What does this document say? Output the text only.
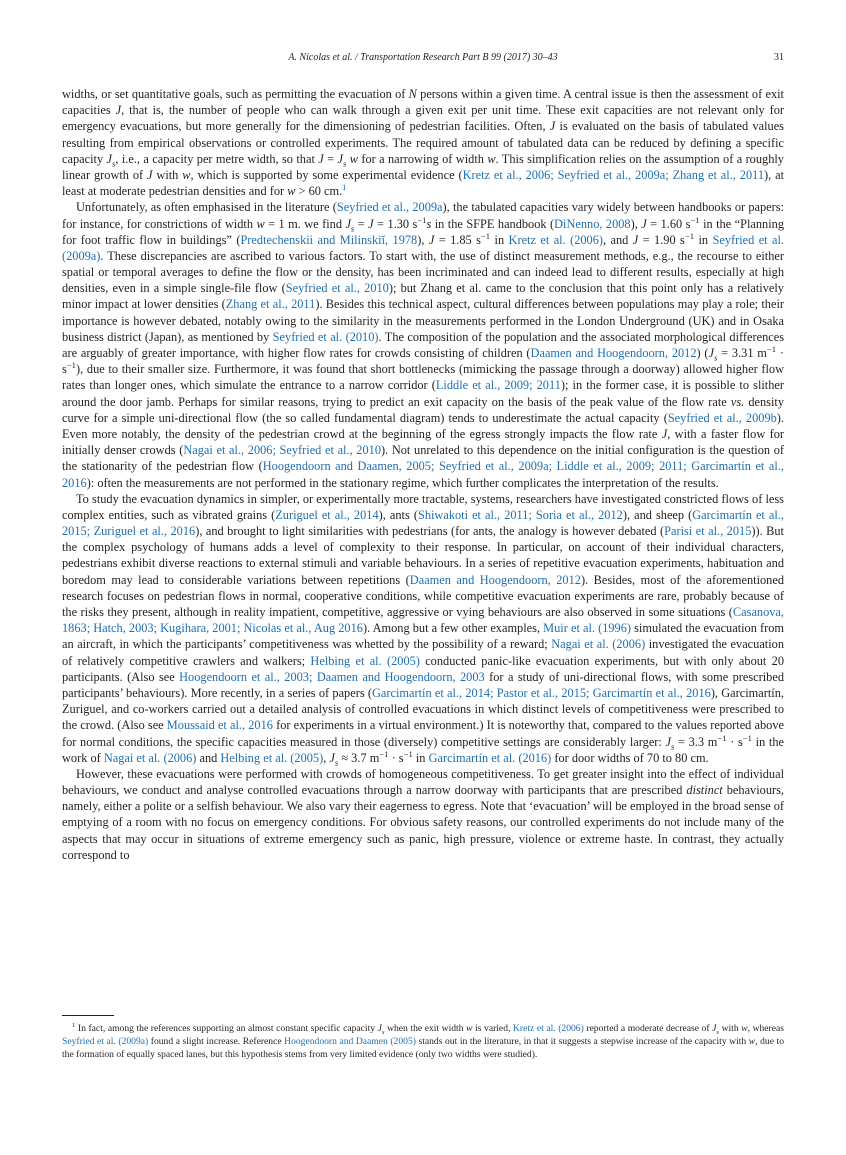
A. Nicolas et al. / Transportation Research Part B 99 (2017) 30–43	31

widths, or set quantitative goals, such as permitting the evacuation of N persons within a given time. A central issue is then the assessment of exit capacities J, that is, the number of people who can walk through a given exit per unit time. These exit capacities are not relevant only for emergency evacuations, but more generally for the dimensioning of pedestrian facilities. Often, J is evaluated on the basis of tabulated values resulting from empirical observations or controlled experiments. The required amount of tabulated data can be reduced by defining a specific capacity $J_s$, i.e., a capacity per metre width, so that $J = J_s$ w for a narrowing of width w. This simplification relies on the assumption of a roughly linear growth of J with w, which is supported by some experimental evidence (Kretz et al., 2006; Seyfried et al., 2009a; Zhang et al., 2011), at least at moderate pedestrian densities and for w > 60 cm.$^1$

Unfortunately, as often emphasised in the literature (Seyfried et al., 2009a), the tabulated capacities vary widely between handbooks or papers: for instance, for constrictions of width w = 1 m. we find $J_s = J = 1.30$ $s^{-1}s$ in the SFPE handbook (DiNenno, 2008), J = 1.60 $s^{-1}$ in the “Planning for foot traffic flow in buildings” (Predtechenskii and Milinskiĭ, 1978), J = 1.85 $s^{-1}$ in Kretz et al. (2006), and J = 1.90 $s^{-1}$ in Seyfried et al. (2009a). These discrepancies are ascribed to various factors. To start with, the use of distinct measurement methods, e.g., the recourse to either spatial or temporal averages to define the flow or the density, has been incriminated and can indeed lead to different results, especially at high densities, even in a simple single-file flow (Seyfried et al., 2010); but Zhang et al. came to the conclusion that this point only has a relatively minor impact at lower densities (Zhang et al., 2011). Besides this technical aspect, cultural differences between populations may play a role; their importance is however debated, notably owing to the similarity in the measurements performed in the London Underground (UK) and in Osaka business district (Japan), as mentioned by Seyfried et al. (2010). The composition of the population and the associated morphological differences are arguably of greater importance, with higher flow rates for crowds consisting of children (Daamen and Hoogendoorn, 2012) ($J_s = 3.31$ $m^{-1} \cdot s^{-1}$), due to their smaller size. Furthermore, it was found that short bottlenecks (mimicking the passage through a doorway) allowed higher flow rates than longer ones, which simulate the entrance to a narrow corridor (Liddle et al., 2009; 2011); in the former case, it is possible to slither around the door jamb. Perhaps for similar reasons, trying to predict an exit capacity on the basis of the peak value of the flow rate vs. density curve for a simple uni-directional flow (the so called fundamental diagram) tends to underestimate the actual capacity (Seyfried et al., 2009b). Even more notably, the density of the pedestrian crowd at the beginning of the egress strongly impacts the flow rate J, with a faster flow for initially denser crowds (Nagai et al., 2006; Seyfried et al., 2010). Not unrelated to this dependence on the initial configuration is the question of the stationarity of the pedestrian flow (Hoogendoorn and Daamen, 2005; Seyfried et al., 2009a; Liddle et al., 2009; 2011; Garcimartín et al., 2016): often the measurements are not performed in the stationary regime, which further complicates the interpretation of the results.

To study the evacuation dynamics in simpler, or experimentally more tractable, systems, researchers have investigated constricted flows of less complex entities, such as vibrated grains (Zuriguel et al., 2014), ants (Shiwakoti et al., 2011; Soria et al., 2012), and sheep (Garcimartín et al., 2015; Zuriguel et al., 2016), and brought to light similarities with pedestrians (for ants, the analogy is however debated (Parisi et al., 2015)). But the complex psychology of humans adds a level of complexity to their response. In particular, on account of their individual characters, pedestrians exhibit diverse reactions to external stimuli and variable behaviours. In a series of repetitive evacuation experiments, habituation and boredom may lead to considerable variations between repetitions (Daamen and Hoogendoorn, 2012). Besides, most of the aforementioned research focuses on pedestrian flows in normal, cooperative conditions, while competitive evacuation experiments are rare, probably because of the risks they present, although in reality impatient, competitive, aggressive or vying behaviours are also observed in some situations (Casanova, 1863; Hatch, 2003; Kugihara, 2001; Nicolas et al., Aug 2016). Among but a few other examples, Muir et al. (1996) simulated the evacuation from an aircraft, in which the participants’ competitiveness was whetted by the possibility of a reward; Nagai et al. (2006) investigated the evacuation of relatively competitive crawlers and walkers; Helbing et al. (2005) conducted panic-like evacuation experiments, but with only about 20 participants. (Also see Hoogendoorn et al., 2003; Daamen and Hoogendoorn, 2003 for a study of uni-directional flows, with some prescribed participants’ behaviours). More recently, in a series of papers (Garcimartín et al., 2014; Pastor et al., 2015; Garcimartín et al., 2016), Garcimartín, Zuriguel, and co-workers carried out a detailed analysis of controlled evacuations in which distinct levels of competitiveness were prescribed to the crowd. (Also see Moussaid et al., 2016 for experiments in a virtual environment.) It is noteworthy that, compared to the values reported above for normal conditions, the specific capacities measured in those (diversely) competitive settings are considerably larger: $J_s = 3.3$ $m^{-1} \cdot s^{-1}$ in the work of Nagai et al. (2006) and Helbing et al. (2005), $J_s \approx 3.7$ $m^{-1} \cdot s^{-1}$ in Garcimartín et al. (2016) for door widths of 70 to 80 cm.

However, these evacuations were performed with crowds of homogeneous competitiveness. To get greater insight into the effect of individual behaviours, we conduct and analyse controlled evacuations through a narrow doorway with participants that are prescribed distinct behaviours, namely, either a polite or a selfish behaviour. We also vary their eagerness to egress. Note that ‘evacuation’ will be employed in the broad sense of emptying of a room with no focus on emergency conditions. For obvious safety reasons, our controlled experiments do not include many of the aspects that may occur in situations of extreme emergency such as panic, high pressure, violence or extreme haste. In contrast, they actually correspond to

$^1$ In fact, among the references supporting an almost constant specific capacity $J_s$ when the exit width w is varied, Kretz et al. (2006) reported a moderate decrease of $J_s$ with w, whereas Seyfried et al. (2009a) found a slight increase. Reference Hoogendoorn and Daamen (2005) stands out in the literature, in that it suggests a stepwise increase of the capacity with w, due to the formation of equally spaced lanes, but this hypothesis stems from very limited evidence (only two widths were studied).
